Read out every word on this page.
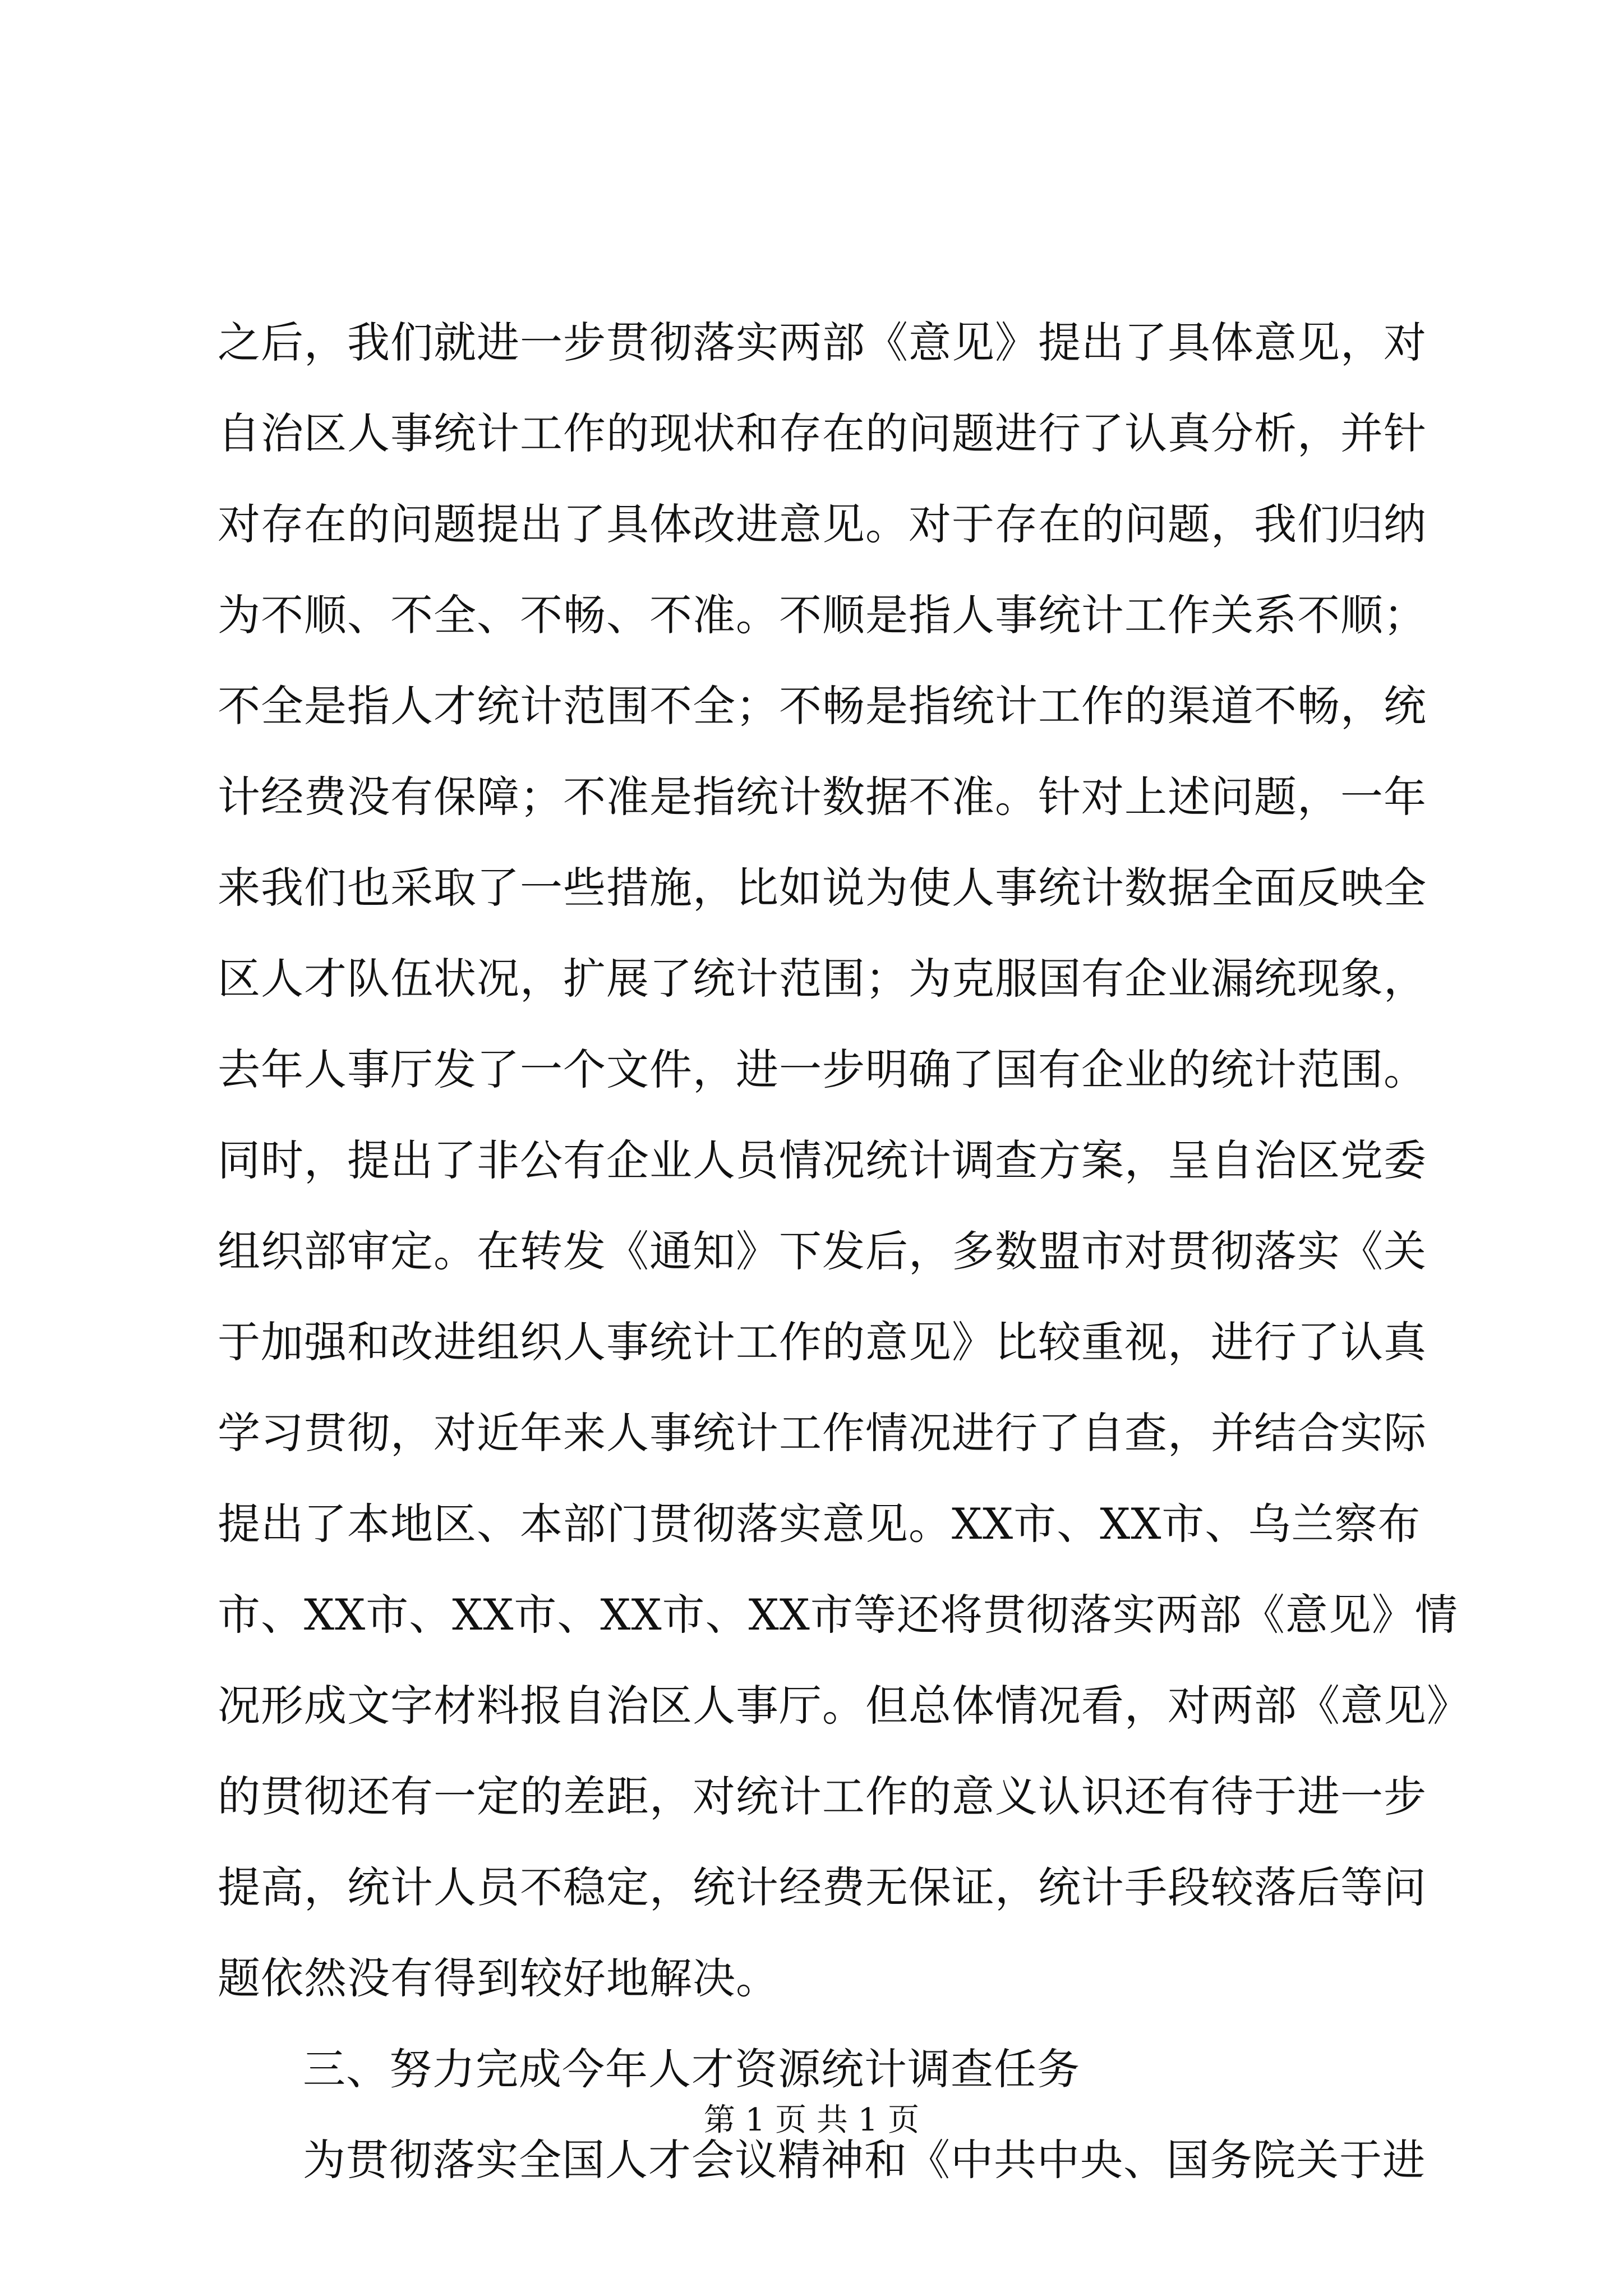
之后，我们就进一步贯彻落实两部《意见》提出了具体意见，对
自治区人事统计工作的现状和存在的问题进行了认真分析，并针
对存在的问题提出了具体改进意见。对于存在的问题，我们归纳
为不顺、不全、不畅、不准。不顺是指人事统计工作关系不顺；
不全是指人才统计范围不全；不畅是指统计工作的渠道不畅，统
计经费没有保障；不准是指统计数据不准。针对上述问题，一年
来我们也采取了一些措施，比如说为使人事统计数据全面反映全
区人才队伍状况，扩展了统计范围；为克服国有企业漏统现象，
去年人事厅发了一个文件，进一步明确了国有企业的统计范围。
同时，提出了非公有企业人员情况统计调查方案，呈自治区党委
组织部审定。在转发《通知》下发后，多数盟市对贯彻落实《关
于加强和改进组织人事统计工作的意见》比较重视，进行了认真
学习贯彻，对近年来人事统计工作情况进行了自查，并结合实际
提出了本地区、本部门贯彻落实意见。XX市、XX市、乌兰察布
市、XX市、XX市、XX市、XX市等还将贯彻落实两部《意见》情
况形成文字材料报自治区人事厅。但总体情况看，对两部《意见》
的贯彻还有一定的差距，对统计工作的意义认识还有待于进一步
提高，统计人员不稳定，统计经费无保证，统计手段较落后等问
题依然没有得到较好地解决。
三、努力完成今年人才资源统计调查任务
为贯彻落实全国人才会议精神和《中共中央、国务院关于进
第 1 页 共 1 页
